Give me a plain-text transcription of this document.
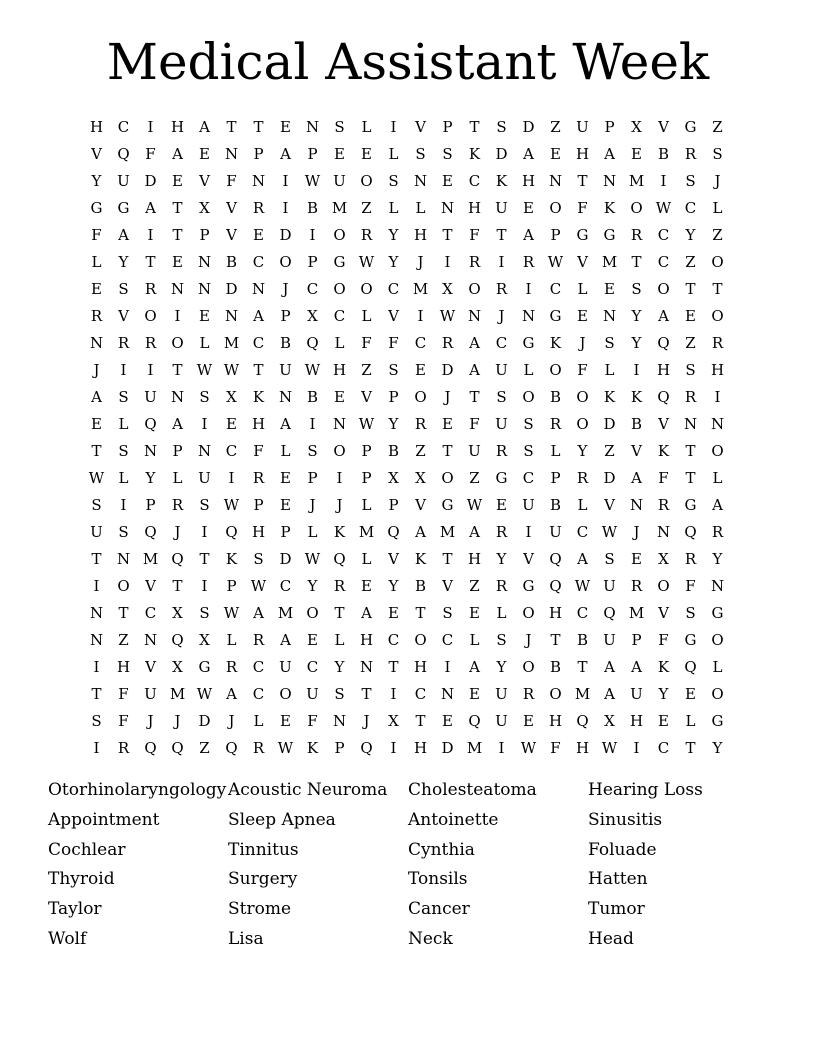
Medical Assistant Week
H C	I	H	A	T	T	E N	S	L	I	V	P	T	S	D	Z	U	P	X	V	G	Z
V	Q	F	A	E N	P	A	P	E	E	L	S	S	K	D	A	E H	A	E	B	R	S
Y	U D	E	V	F	N	I	W U O	S	N E	C	K H N	T	N M	I	S	J
G	G	A	T	X	V	R	I	B M Z	L	L	N H U	E	O	F	K	O W C	L
F	A	I	T	P	V	E	D	I	O	R	Y	H	T	F	T	A	P	G	G	R	C	Y	Z
L	Y	T	E N B	C	O	P	G W Y	J	I	R	I	R W V M T	C	Z	O
E	S	R N N D N	J	C	O O	C M X	O	R	I	C	L	E	S	O	T	T
R	V	O	I	E N	A	P	X	C	L	V	I	W N	J	N G	E N	Y	A	E	O
N R	R	O	L M C	B	Q	L	F	F	C	R	A	C	G	K	J	S	Y	Q	Z	R
J	I	I	T W W T	U W H	Z	S	E	D	A	U	L	O	F	L	I	H	S	H
A	S	U N	S	X	K N B	E	V	P	O	J	T	S	O	B	O	K	K	Q	R	I
E	L	Q	A	I	E H	A	I	N W Y	R	E	F	U	S	R	O D	B	V	N N
T	S	N	P	N C	F	L	S	O	P	B	Z	T	U	R	S	L	Y	Z	V	K	T	O
W L	Y	L	U	I	R	E	P	I	P	X	X	O	Z	G	C	P	R	D	A	F	T	L
S	I	P	R	S W P	E	J	J	L	P	V	G W E	U	B	L	V	N R	G	A
U	S	Q	J	I	Q H	P	L	K M Q	A M A	R	I	U C W	J	N Q	R
T	N M Q	T	K	S	D W Q	L	V	K	T	H	Y	V	Q	A	S	E	X	R	Y
I	O	V	T	I	P W C	Y	R	E	Y	B	V	Z	R	G Q W U	R	O	F	N
N	T	C	X	S W A M O	T	A	E	T	S	E	L	O H C	Q M V	S	G
N	Z	N Q	X	L	R	A	E	L	H C	O	C	L	S	J	T	B	U	P	F	G O
I	H	V	X	G	R	C U C	Y	N	T	H	I	A	Y	O	B	T	A	A	K	Q	L
T	F	U M W A	C	O U	S	T	I	C N E	U	R	O M A	U	Y	E	O
S	F	J	J	D	J	L	E	F	N	J	X	T	E	Q U	E H Q	X	H E	L	G
I	R	Q Q	Z	Q	R W K	P	Q	I	H D M	I	W F	H W	I	C	T	Y
Otorhinolaryngology Acoustic Neuroma	Cholesteatoma	Hearing Loss
Appointment	Sleep Apnea	Antoinette	Sinusitis
Cochlear	Tinnitus	Cynthia	Foluade
Thyroid	Surgery	Tonsils	Hatten
Taylor	Strome	Cancer	Tumor
Wolf	Lisa	Neck	Head
